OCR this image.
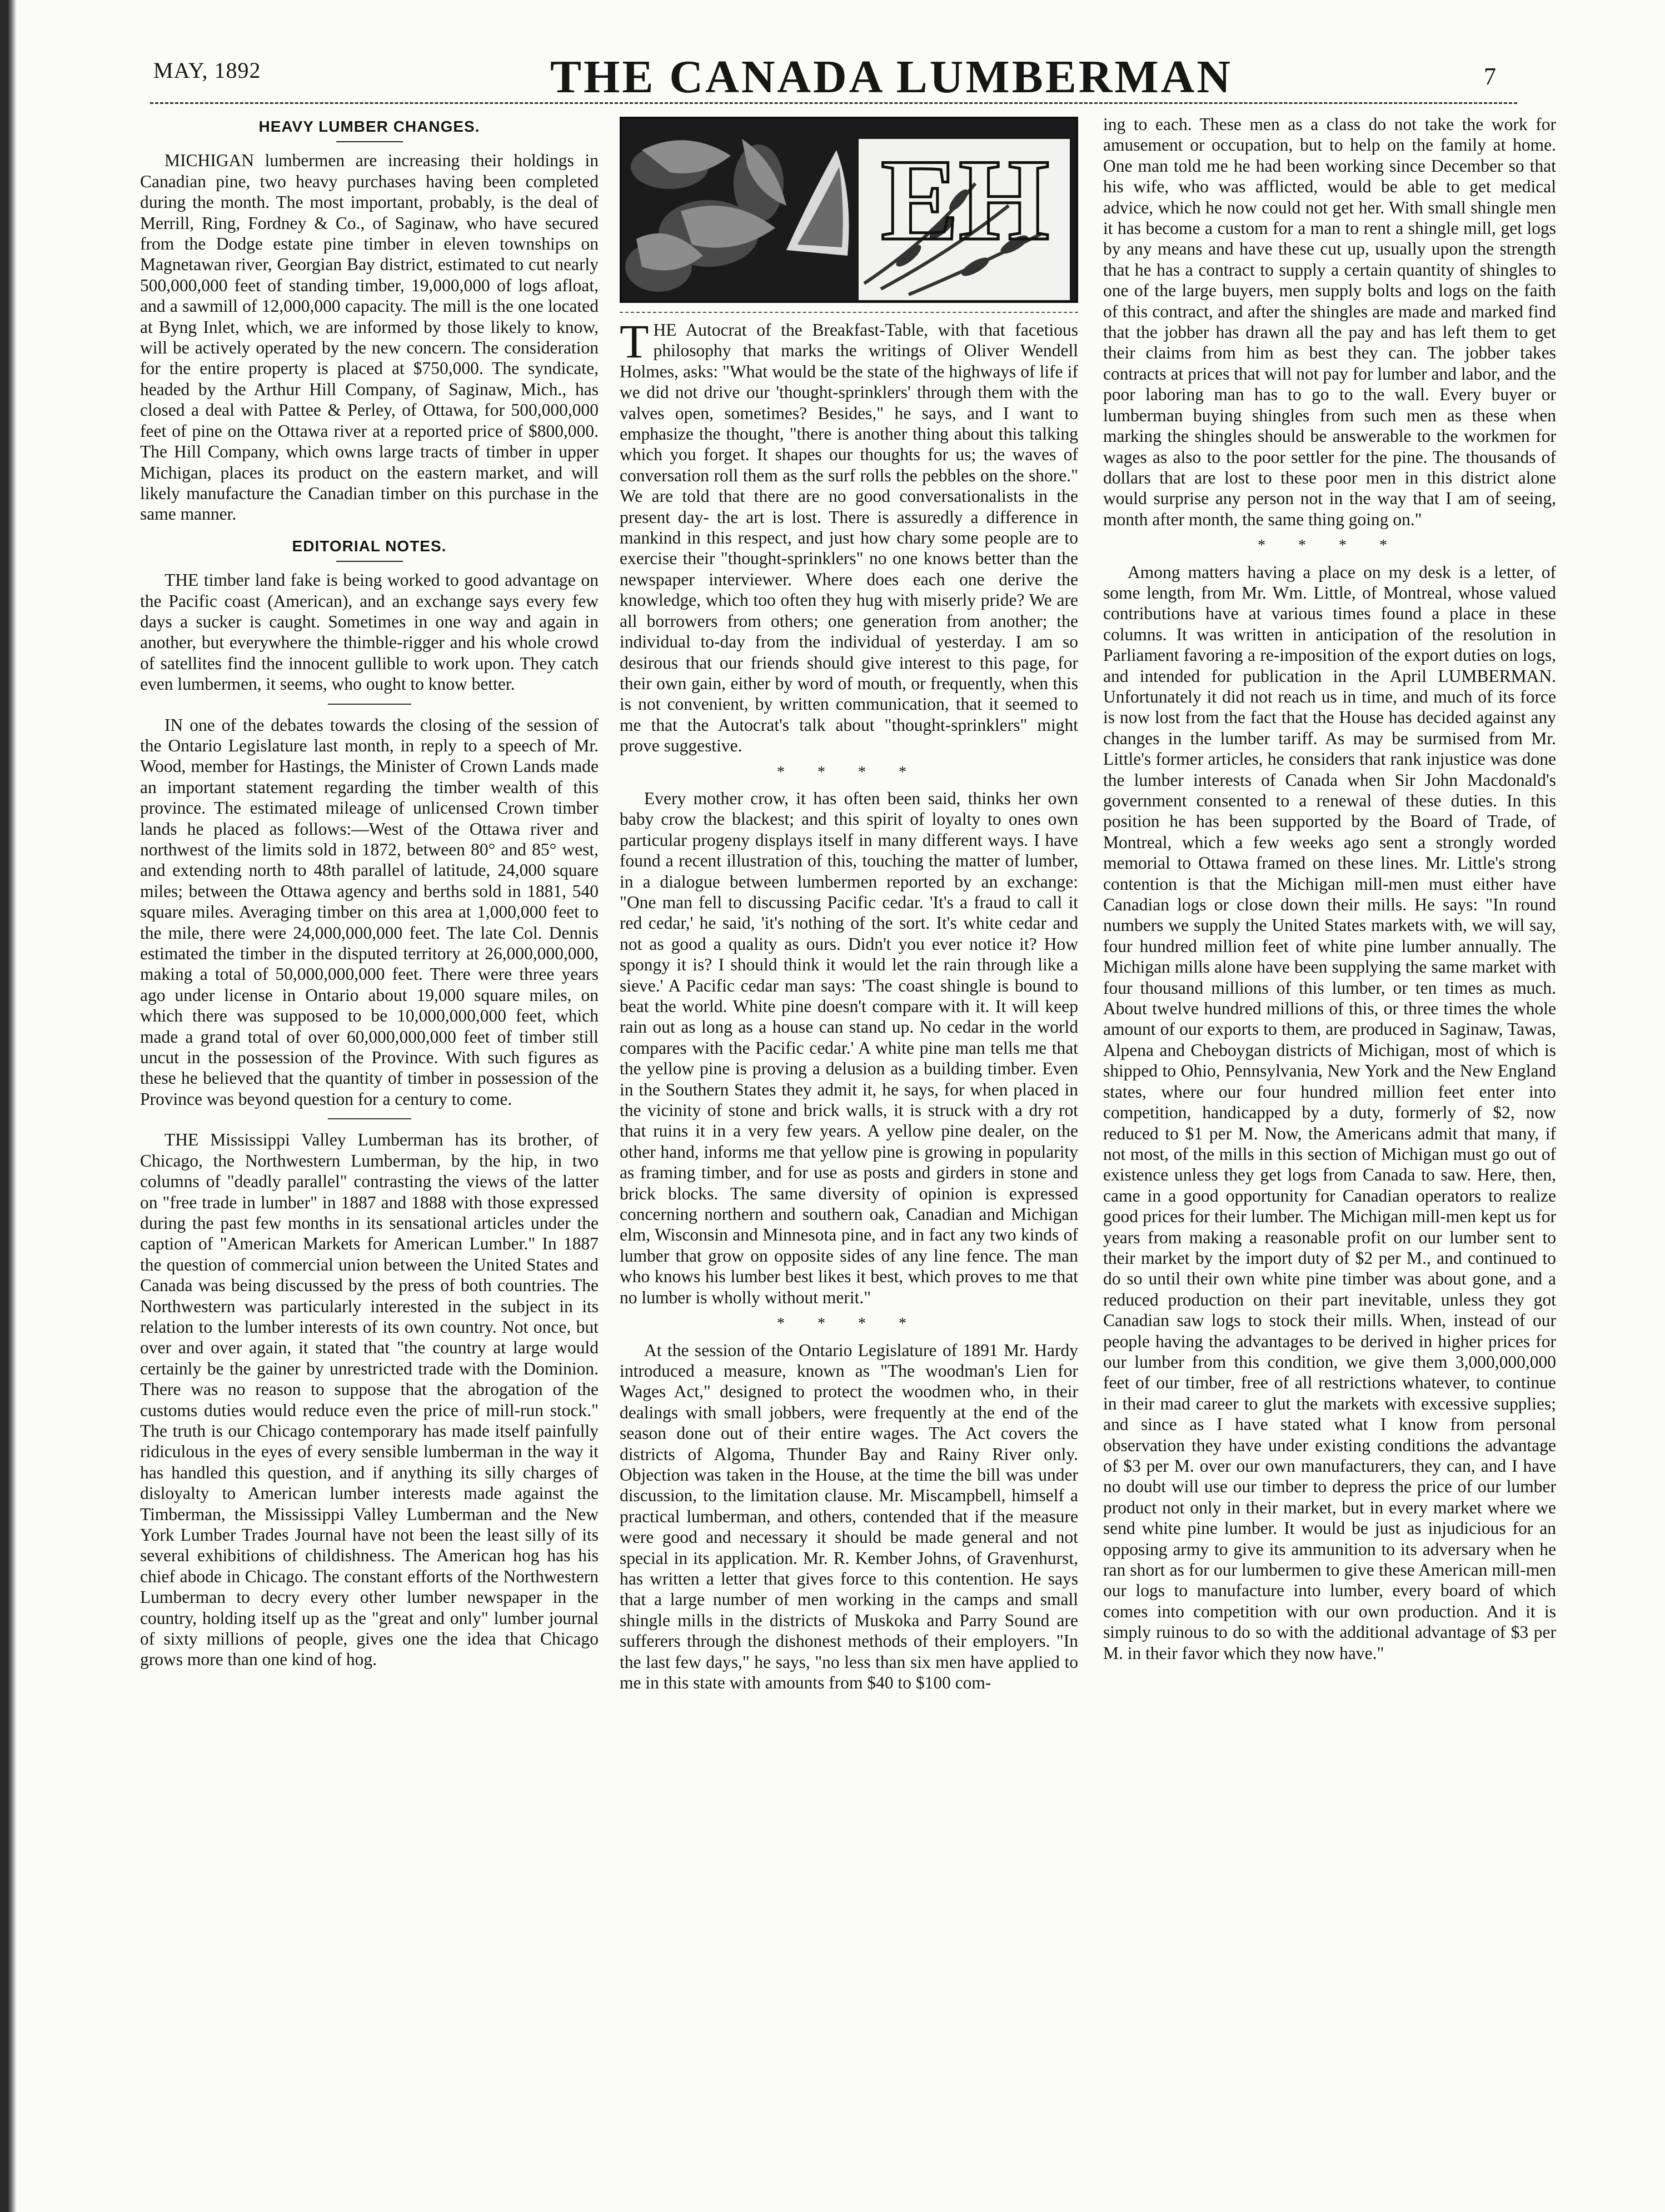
MAY, 1892	THE CANADA LUMBERMAN	7
HEAVY LUMBER CHANGES.

MICHIGAN lumbermen are increasing their holdings in Canadian pine, two heavy purchases having been completed during the month. The most important, probably, is the deal of Merrill, Ring, Fordney & Co., of Saginaw, who have secured from the Dodge estate pine timber in eleven townships on Magnetawan river, Georgian Bay district, estimated to cut nearly 500,000,000 feet of standing timber, 19,000,000 of logs afloat, and a sawmill of 12,000,000 capacity. The mill is the one located at Byng Inlet, which, we are informed by those likely to know, will be actively operated by the new concern. The consideration for the entire property is placed at $750,000. The syndicate, headed by the Arthur Hill Company, of Saginaw, Mich., has closed a deal with Pattee & Perley, of Ottawa, for 500,000,000 feet of pine on the Ottawa river at a reported price of $800,000. The Hill Company, which owns large tracts of timber in upper Michigan, places its product on the eastern market, and will likely manufacture the Canadian timber on this purchase in the same manner.

EDITORIAL NOTES.

THE timber land fake is being worked to good advantage on the Pacific coast (American), and an exchange says every few days a sucker is caught. Sometimes in one way and again in another, but everywhere the thimble-rigger and his whole crowd of satellites find the innocent gullible to work upon. They catch even lumbermen, it seems, who ought to know better.

IN one of the debates towards the closing of the session of the Ontario Legislature last month, in reply to a speech of Mr. Wood, member for Hastings, the Minister of Crown Lands made an important statement regarding the timber wealth of this province. The estimated mileage of unlicensed Crown timber lands he placed as follows:—West of the Ottawa river and northwest of the limits sold in 1872, between 80° and 85° west, and extending north to 48th parallel of latitude, 24,000 square miles; between the Ottawa agency and berths sold in 1881, 540 square miles. Averaging timber on this area at 1,000,000 feet to the mile, there were 24,000,000,000 feet. The late Col. Dennis estimated the timber in the disputed territory at 26,000,000,000, making a total of 50,000,000,000 feet. There were three years ago under license in Ontario about 19,000 square miles, on which there was supposed to be 10,000,000,000 feet, which made a grand total of over 60,000,000,000 feet of timber still uncut in the possession of the Province. With such figures as these he believed that the quantity of timber in possession of the Province was beyond question for a century to come.

THE Mississippi Valley Lumberman has its brother, of Chicago, the Northwestern Lumberman, by the hip, in two columns of "deadly parallel" contrasting the views of the latter on "free trade in lumber" in 1887 and 1888 with those expressed during the past few months in its sensational articles under the caption of "American Markets for American Lumber." In 1887 the question of commercial union between the United States and Canada was being discussed by the press of both countries. The Northwestern was particularly interested in the subject in its relation to the lumber interests of its own country. Not once, but over and over again, it stated that "the country at large would certainly be the gainer by unrestricted trade with the Dominion. There was no reason to suppose that the abrogation of the customs duties would reduce even the price of mill-run stock." The truth is our Chicago contemporary has made itself painfully ridiculous in the eyes of every sensible lumberman in the way it has handled this question, and if anything its silly charges of disloyalty to American lumber interests made against the Timberman, the Mississippi Valley Lumberman and the New York Lumber Trades Journal have not been the least silly of its several exhibitions of childishness. The American hog has his chief abode in Chicago. The constant efforts of the Northwestern Lumberman to decry every other lumber newspaper in the country, holding itself up as the "great and only" lumber journal of sixty millions of people, gives one the idea that Chicago grows more than one kind of hog.

EH

THE Autocrat of the Breakfast-Table, with that facetious philosophy that marks the writings of Oliver Wendell Holmes, asks: "What would be the state of the highways of life if we did not drive our 'thought-sprinklers' through them with the valves open, sometimes? Besides," he says, and I want to emphasize the thought, "there is another thing about this talking which you forget. It shapes our thoughts for us; the waves of conversation roll them as the surf rolls the pebbles on the shore." We are told that there are no good conversationalists in the present day- the art is lost. There is assuredly a difference in mankind in this respect, and just how chary some people are to exercise their "thought-sprinklers" no one knows better than the newspaper interviewer. Where does each one derive the knowledge, which too often they hug with miserly pride? We are all borrowers from others; one generation from another; the individual to-day from the individual of yesterday. I am so desirous that our friends should give interest to this page, for their own gain, either by word of mouth, or frequently, when this is not convenient, by written communication, that it seemed to me that the Autocrat's talk about "thought-sprinklers" might prove suggestive.

* * * *

Every mother crow, it has often been said, thinks her own baby crow the blackest; and this spirit of loyalty to ones own particular progeny displays itself in many different ways. I have found a recent illustration of this, touching the matter of lumber, in a dialogue between lumbermen reported by an exchange: "One man fell to discussing Pacific cedar. 'It's a fraud to call it red cedar,' he said, 'it's nothing of the sort. It's white cedar and not as good a quality as ours. Didn't you ever notice it? How spongy it is? I should think it would let the rain through like a sieve.' A Pacific cedar man says: 'The coast shingle is bound to beat the world. White pine doesn't compare with it. It will keep rain out as long as a house can stand up. No cedar in the world compares with the Pacific cedar.' A white pine man tells me that the yellow pine is proving a delusion as a building timber. Even in the Southern States they admit it, he says, for when placed in the vicinity of stone and brick walls, it is struck with a dry rot that ruins it in a very few years. A yellow pine dealer, on the other hand, informs me that yellow pine is growing in popularity as framing timber, and for use as posts and girders in stone and brick blocks. The same diversity of opinion is expressed concerning northern and southern oak, Canadian and Michigan elm, Wisconsin and Minnesota pine, and in fact any two kinds of lumber that grow on opposite sides of any line fence. The man who knows his lumber best likes it best, which proves to me that no lumber is wholly without merit."

* * * *

At the session of the Ontario Legislature of 1891 Mr. Hardy introduced a measure, known as "The woodman's Lien for Wages Act," designed to protect the woodmen who, in their dealings with small jobbers, were frequently at the end of the season done out of their entire wages. The Act covers the districts of Algoma, Thunder Bay and Rainy River only. Objection was taken in the House, at the time the bill was under discussion, to the limitation clause. Mr. Miscampbell, himself a practical lumberman, and others, contended that if the measure were good and necessary it should be made general and not special in its application. Mr. R. Kember Johns, of Gravenhurst, has written a letter that gives force to this contention. He says that a large number of men working in the camps and small shingle mills in the districts of Muskoka and Parry Sound are sufferers through the dishonest methods of their employers. "In the last few days," he says, "no less than six men have applied to me in this state with amounts from $40 to $100 com-

ing to each. These men as a class do not take the work for amusement or occupation, but to help on the family at home. One man told me he had been working since December so that his wife, who was afflicted, would be able to get medical advice, which he now could not get her. With small shingle men it has become a custom for a man to rent a shingle mill, get logs by any means and have these cut up, usually upon the strength that he has a contract to supply a certain quantity of shingles to one of the large buyers, men supply bolts and logs on the faith of this contract, and after the shingles are made and marked find that the jobber has drawn all the pay and has left them to get their claims from him as best they can. The jobber takes contracts at prices that will not pay for lumber and labor, and the poor laboring man has to go to the wall. Every buyer or lumberman buying shingles from such men as these when marking the shingles should be answerable to the workmen for wages as also to the poor settler for the pine. The thousands of dollars that are lost to these poor men in this district alone would surprise any person not in the way that I am of seeing, month after month, the same thing going on."

* * * *

Among matters having a place on my desk is a letter, of some length, from Mr. Wm. Little, of Montreal, whose valued contributions have at various times found a place in these columns. It was written in anticipation of the resolution in Parliament favoring a re-imposition of the export duties on logs, and intended for publication in the April LUMBERMAN. Unfortunately it did not reach us in time, and much of its force is now lost from the fact that the House has decided against any changes in the lumber tariff. As may be surmised from Mr. Little's former articles, he considers that rank injustice was done the lumber interests of Canada when Sir John Macdonald's government consented to a renewal of these duties. In this position he has been supported by the Board of Trade, of Montreal, which a few weeks ago sent a strongly worded memorial to Ottawa framed on these lines. Mr. Little's strong contention is that the Michigan mill-men must either have Canadian logs or close down their mills. He says: "In round numbers we supply the United States markets with, we will say, four hundred million feet of white pine lumber annually. The Michigan mills alone have been supplying the same market with four thousand millions of this lumber, or ten times as much. About twelve hundred millions of this, or three times the whole amount of our exports to them, are produced in Saginaw, Tawas, Alpena and Cheboygan districts of Michigan, most of which is shipped to Ohio, Pennsylvania, New York and the New England states, where our four hundred million feet enter into competition, handicapped by a duty, formerly of $2, now reduced to $1 per M. Now, the Americans admit that many, if not most, of the mills in this section of Michigan must go out of existence unless they get logs from Canada to saw. Here, then, came in a good opportunity for Canadian operators to realize good prices for their lumber. The Michigan mill-men kept us for years from making a reasonable profit on our lumber sent to their market by the import duty of $2 per M., and continued to do so until their own white pine timber was about gone, and a reduced production on their part inevitable, unless they got Canadian saw logs to stock their mills. When, instead of our people having the advantages to be derived in higher prices for our lumber from this condition, we give them 3,000,000,000 feet of our timber, free of all restrictions whatever, to continue in their mad career to glut the markets with excessive supplies; and since as I have stated what I know from personal observation they have under existing conditions the advantage of $3 per M. over our own manufacturers, they can, and I have no doubt will use our timber to depress the price of our lumber product not only in their market, but in every market where we send white pine lumber. It would be just as injudicious for an opposing army to give its ammunition to its adversary when he ran short as for our lumbermen to give these American mill-men our logs to manufacture into lumber, every board of which comes into competition with our own production. And it is simply ruinous to do so with the additional advantage of $3 per M. in their favor which they now have."
